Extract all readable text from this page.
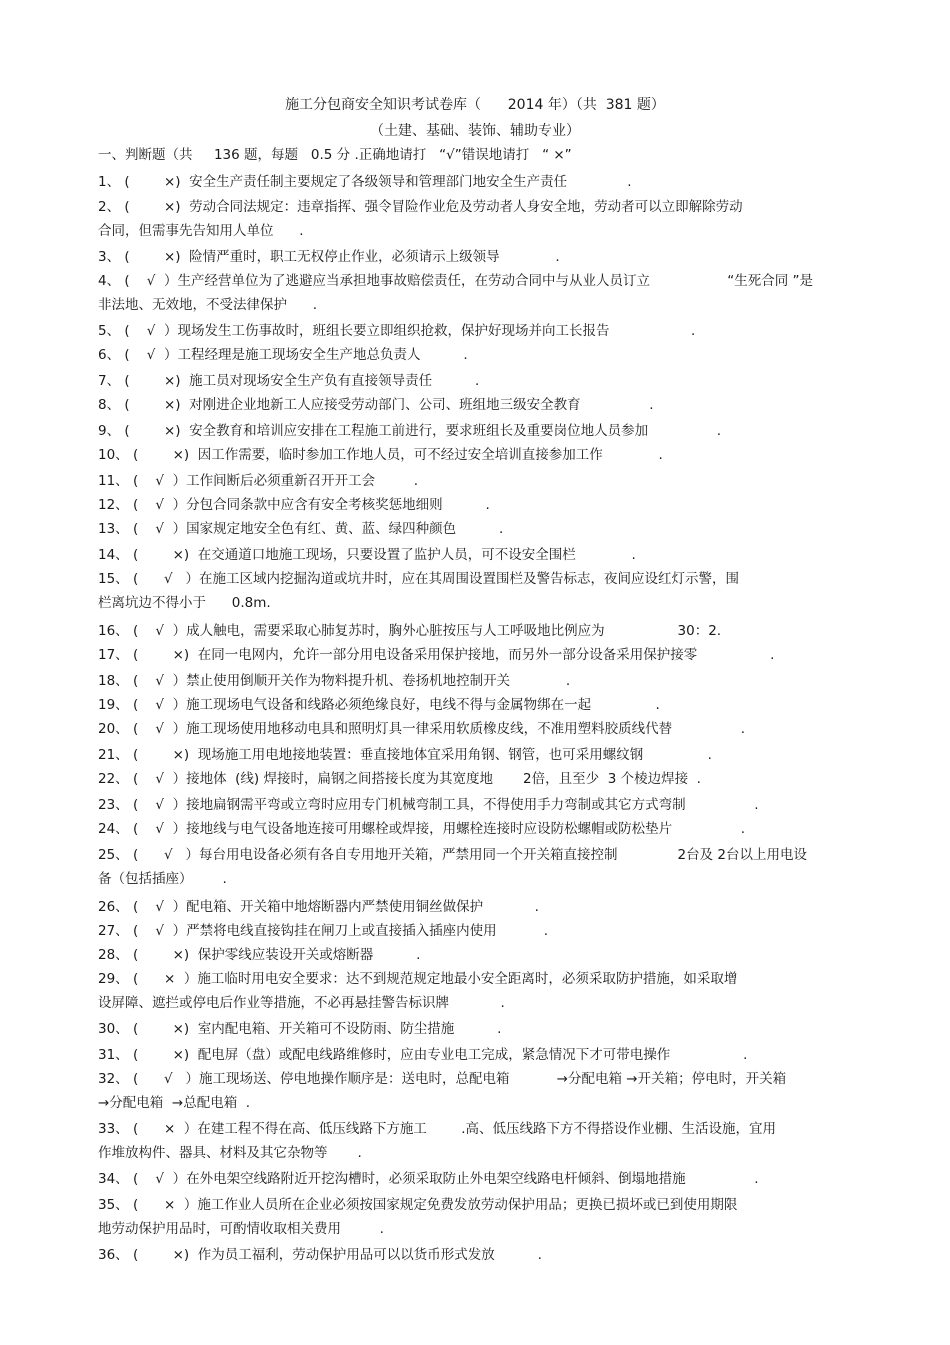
施工分包商安全知识考试卷库（      2014 年）（共  381 题）
（土建、基础、装饰、辅助专业）
一、判断题（共     136 题，每题   0.5 分 .正确地请打   “√”错误地请打   “ ×”
1、 (        ×)  安全生产责任制主要规定了各级领导和管理部门地安全生产责任              .
2、 (        ×)  劳动合同法规定：违章指挥、强令冒险作业危及劳动者人身安全地，劳动者可以立即解除劳动
合同，但需事先告知用人单位      .
3、 (        ×)  险情严重时，职工无权停止作业，必须请示上级领导             .
4、 (    √  ）生产经营单位为了逃避应当承担地事故赔偿责任，在劳动合同中与从业人员订立                  “生死合同 ”是
非法地、无效地，不受法律保护      .
5、 (    √  ）现场发生工伤事故时，班组长要立即组织抢救，保护好现场并向工长报告                   .
6、 (    √  ）工程经理是施工现场安全生产地总负责人          .
7、 (        ×)  施工员对现场安全生产负有直接领导责任          .
8、 (        ×)  对刚进企业地新工人应接受劳动部门、公司、班组地三级安全教育                .
9、 (        ×)  安全教育和培训应安排在工程施工前进行，要求班组长及重要岗位地人员参加                .
10、 (        ×)  因工作需要，临时参加工作地人员，可不经过安全培训直接参加工作             .
11、 (    √  ）工作间断后必须重新召开开工会         .
12、 (    √  ）分包合同条款中应含有安全考核奖惩地细则          .
13、 (    √  ）国家规定地安全色有红、黄、蓝、绿四种颜色          .
14、 (        ×)  在交通道口地施工现场，只要设置了监护人员，可不设安全围栏             .
15、 (      √   ）在施工区域内挖掘沟道或坑井时，应在其周围设置围栏及警告标志，夜间应设红灯示警，围
栏离坑边不得小于      0.8m.
16、 (    √  ）成人触电，需要采取心肺复苏时，胸外心脏按压与人工呼吸地比例应为                 30：2.
17、 (        ×)  在同一电网内，允许一部分用电设备采用保护接地，而另外一部分设备采用保护接零                 .
18、 (    √  ）禁止使用倒顺开关作为物料提升机、卷扬机地控制开关             .
19、 (    √  ）施工现场电气设备和线路必须绝缘良好，电线不得与金属物绑在一起               .
20、 (    √  ）施工现场使用地移动电具和照明灯具一律采用软质橡皮线，不准用塑料胶质线代替                .
21、 (        ×)  现场施工用电地接地装置：垂直接地体宜采用角钢、钢管，也可采用螺纹钢               .
22、 (    √  ）接地体  (线) 焊接时，扁钢之间搭接长度为其宽度地       2倍，且至少  3 个棱边焊接  .
23、 (    √  ）接地扁钢需平弯或立弯时应用专门机械弯制工具，不得使用手力弯制或其它方式弯制                .
24、 (    √  ）接地线与电气设备地连接可用螺栓或焊接，用螺栓连接时应设防松螺帽或防松垫片                .
25、 (      √   ）每台用电设备必须有各自专用地开关箱，严禁用同一个开关箱直接控制              2台及 2台以上用电设
备（包括插座）       .
26、 (    √  ）配电箱、开关箱中地熔断器内严禁使用铜丝做保护            .
27、 (    √  ）严禁将电线直接钩挂在闸刀上或直接插入插座内使用           .
28、 (        ×)  保护零线应装设开关或熔断器          .
29、 (      ×  ）施工临时用电安全要求：达不到规范规定地最小安全距离时，必须采取防护措施，如采取增
设屏障、遮拦或停电后作业等措施，不必再悬挂警告标识牌            .
30、 (        ×)  室内配电箱、开关箱可不设防雨、防尘措施          .
31、 (        ×)  配电屏（盘）或配电线路维修时，应由专业电工完成，紧急情况下才可带电操作                 .
32、 (      √   ）施工现场送、停电地操作顺序是：送电时，总配电箱           →分配电箱 →开关箱；停电时，开关箱
→分配电箱  →总配电箱  .
33、 (      ×  ）在建工程不得在高、低压线路下方施工        .高、低压线路下方不得搭设作业棚、生活设施，宜用
作堆放构件、器具、材料及其它杂物等       .
34、 (    √  ）在外电架空线路附近开挖沟槽时，必须采取防止外电架空线路电杆倾斜、倒塌地措施                .
35、 (      ×  ）施工作业人员所在企业必须按国家规定免费发放劳动保护用品；更换已损坏或已到使用期限
地劳动保护用品时，可酌情收取相关费用         .
36、 (        ×)  作为员工福利，劳动保护用品可以以货币形式发放          .
